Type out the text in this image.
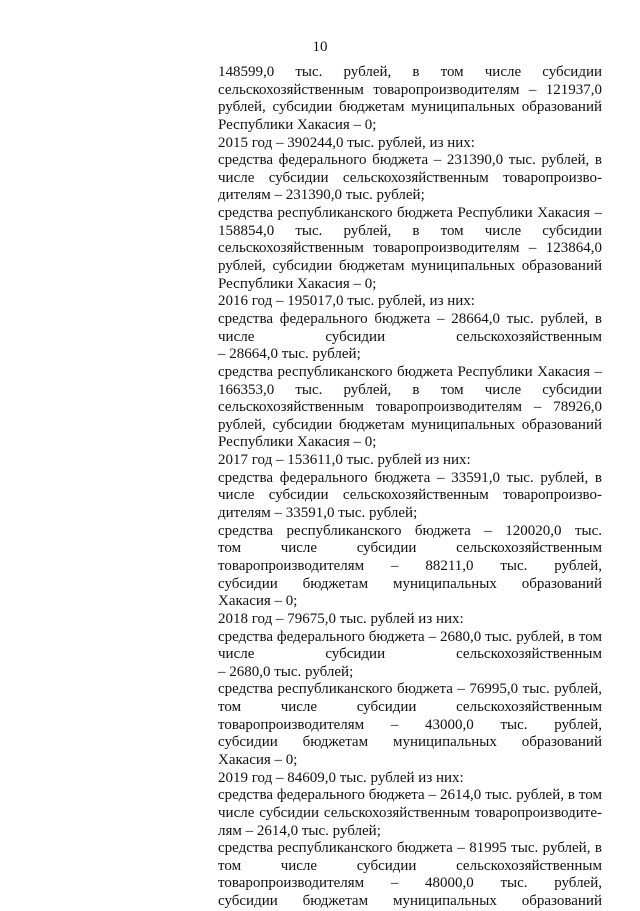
10
148599,0 тыс. рублей, в том числе субсидии
сельскохозяйственным товаропроизводителям – 121937,0
рублей, субсидии бюджетам муниципальных образований
Республики Хакасия – 0;
2015 год – 390244,0 тыс. рублей, из них:
средства федерального бюджета – 231390,0 тыс. рублей, в
числе субсидии сельскохозяйственным товаропроизво-
дителям – 231390,0 тыс. рублей;
средства республиканского бюджета Республики Хакасия –
158854,0 тыс. рублей, в том числе субсидии
сельскохозяйственным товаропроизводителям – 123864,0
рублей, субсидии бюджетам муниципальных образований
Республики Хакасия – 0;
2016 год – 195017,0 тыс. рублей, из них:
средства федерального бюджета – 28664,0 тыс. рублей, в
числе субсидии сельскохозяйственным
– 28664,0 тыс. рублей;
средства республиканского бюджета Республики Хакасия –
166353,0 тыс. рублей, в том числе субсидии
сельскохозяйственным товаропроизводителям – 78926,0
рублей, субсидии бюджетам муниципальных образований
Республики Хакасия – 0;
2017 год – 153611,0 тыс. рублей из них:
средства федерального бюджета – 33591,0 тыс. рублей, в
числе субсидии сельскохозяйственным товаропроизво-
дителям – 33591,0 тыс. рублей;
средства республиканского бюджета – 120020,0 тыс.
том числе субсидии сельскохозяйственным
товаропроизводителям – 88211,0 тыс. рублей,
субсидии бюджетам муниципальных образований
Хакасия – 0;
2018 год – 79675,0 тыс. рублей из них:
средства федерального бюджета – 2680,0 тыс. рублей, в том
числе субсидии сельскохозяйственным
– 2680,0 тыс. рублей;
средства республиканского бюджета – 76995,0 тыс. рублей,
том числе субсидии сельскохозяйственным
товаропроизводителям – 43000,0 тыс. рублей,
субсидии бюджетам муниципальных образований
Хакасия – 0;
2019 год – 84609,0 тыс. рублей из них:
средства федерального бюджета – 2614,0 тыс. рублей, в том
числе субсидии сельскохозяйственным товаропроизводите-
лям – 2614,0 тыс. рублей;
средства республиканского бюджета – 81995 тыс. рублей, в
том числе субсидии сельскохозяйственным
товаропроизводителям – 48000,0 тыс. рублей,
субсидии бюджетам муниципальных образований
